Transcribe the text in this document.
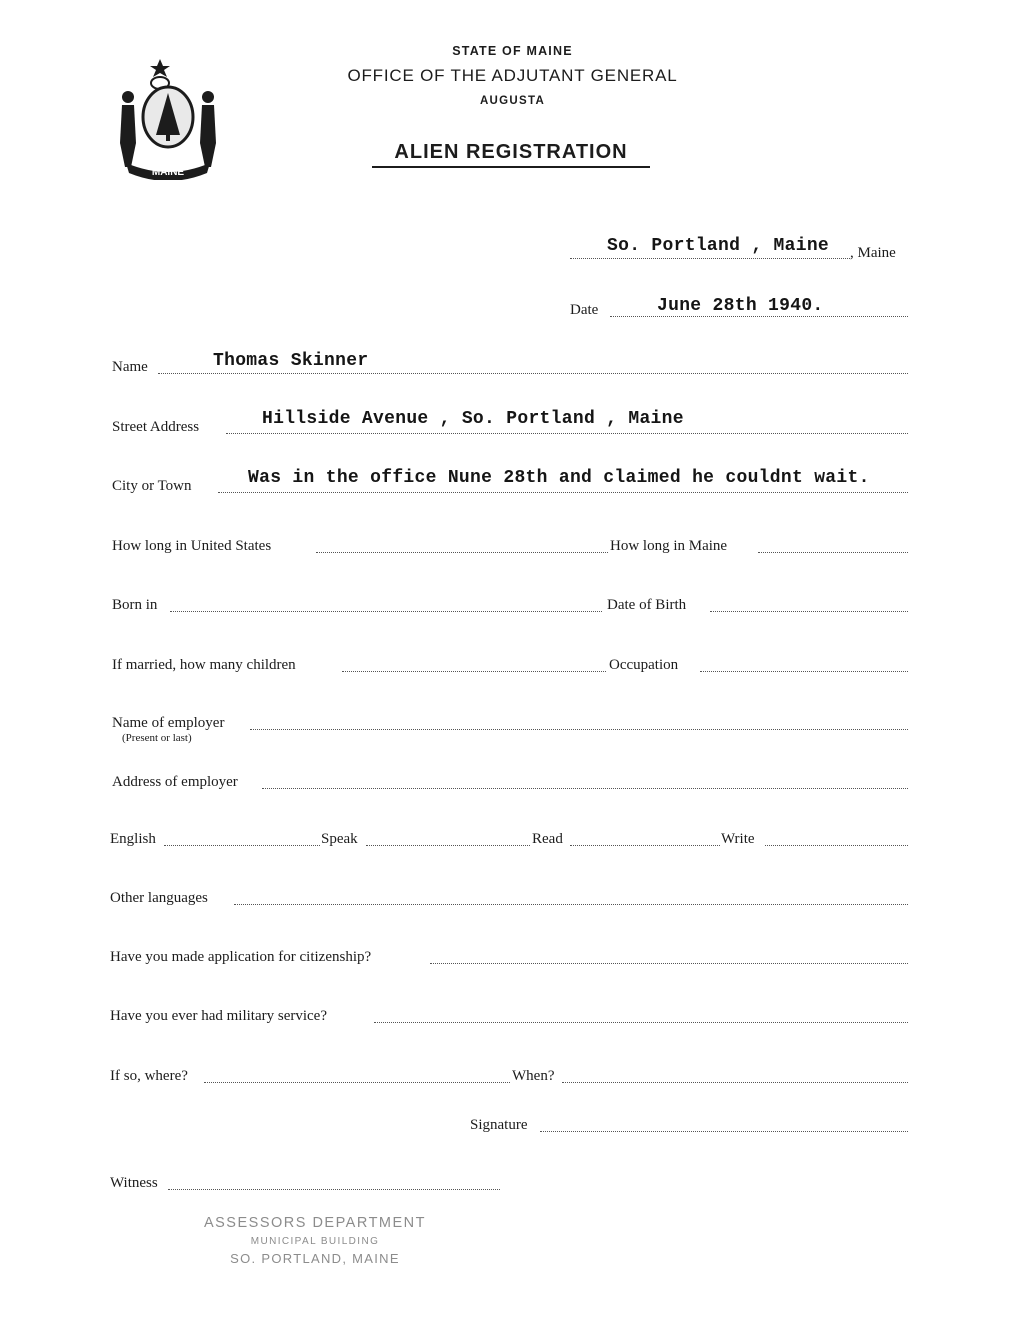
MAINE
STATE OF MAINE
OFFICE OF THE ADJUTANT GENERAL
AUGUSTA
ALIEN REGISTRATION
So. Portland , Maine , Maine
Date	June 28th 1940.
Name	Thomas Skinner
Street Address	Hillside Avenue , So. Portland , Maine
City or Town	Was in the office Nune 28th and claimed he couldnt wait.
How long in United States	How long in Maine
Born in	Date of Birth
If married, how many children	Occupation
Name of employer
(Present or last)
Address of employer
English	Speak	Read	Write
Other languages
Have you made application for citizenship?
Have you ever had military service?
If so, where?	When?
Signature
Witness
ASSESSORS DEPARTMENT
MUNICIPAL BUILDING
SO. PORTLAND, MAINE
